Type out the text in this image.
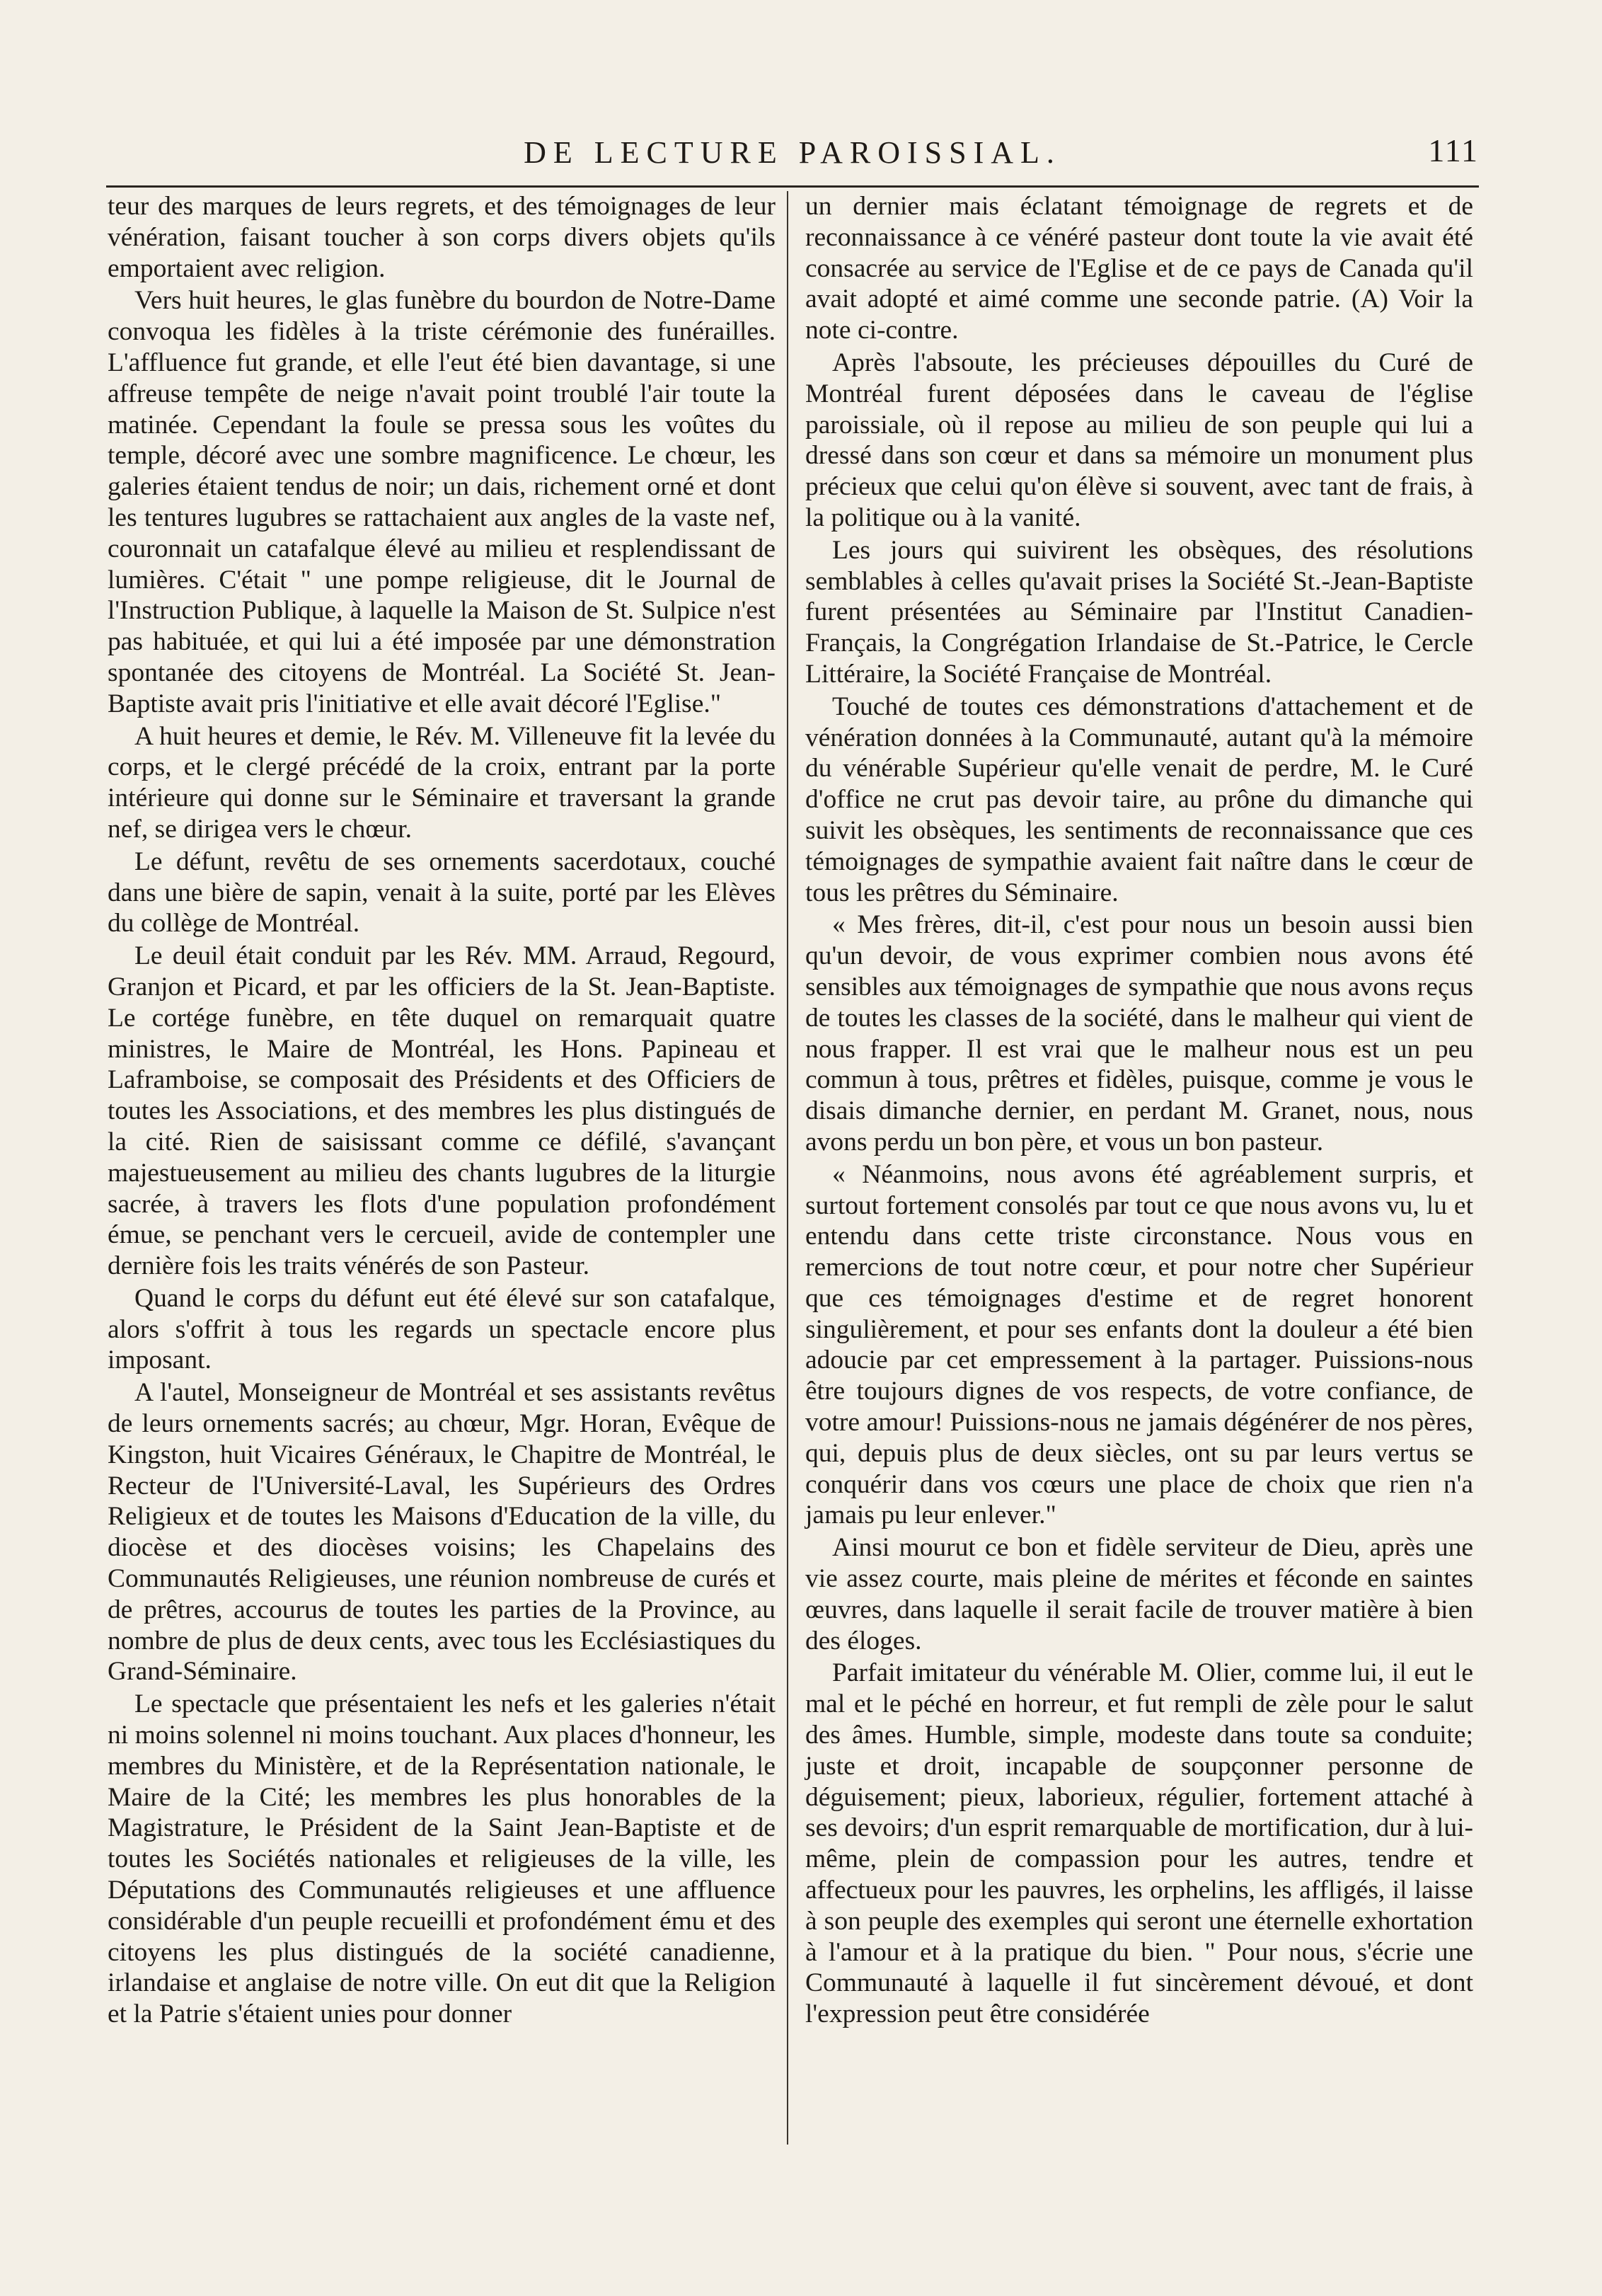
DE LECTURE PAROISSIAL.	111

teur des marques de leurs regrets, et des témoignages de leur vénération, faisant toucher à son corps divers objets qu'ils emportaient avec religion.

Vers huit heures, le glas funèbre du bourdon de Notre-Dame convoqua les fidèles à la triste cérémonie des funérailles. L'affluence fut grande, et elle l'eut été bien davantage, si une affreuse tempête de neige n'avait point troublé l'air toute la matinée. Cependant la foule se pressa sous les voûtes du temple, décoré avec une sombre magnificence. Le chœur, les galeries étaient tendus de noir; un dais, richement orné et dont les tentures lugubres se rattachaient aux angles de la vaste nef, couronnait un catafalque élevé au milieu et resplendissant de lumières. C'était " une pompe religieuse, dit le Journal de l'Instruction Publique, à laquelle la Maison de St. Sulpice n'est pas habituée, et qui lui a été imposée par une démonstration spontanée des citoyens de Montréal. La Société St. Jean-Baptiste avait pris l'initiative et elle avait décoré l'Eglise."

A huit heures et demie, le Rév. M. Villeneuve fit la levée du corps, et le clergé précédé de la croix, entrant par la porte intérieure qui donne sur le Séminaire et traversant la grande nef, se dirigea vers le chœur.

Le défunt, revêtu de ses ornements sacerdotaux, couché dans une bière de sapin, venait à la suite, porté par les Elèves du collège de Montréal.

Le deuil était conduit par les Rév. MM. Arraud, Regourd, Granjon et Picard, et par les officiers de la St. Jean-Baptiste. Le cortége funèbre, en tête duquel on remarquait quatre ministres, le Maire de Montréal, les Hons. Papineau et Laframboise, se composait des Présidents et des Officiers de toutes les Associations, et des membres les plus distingués de la cité. Rien de saisissant comme ce défilé, s'avançant majestueusement au milieu des chants lugubres de la liturgie sacrée, à travers les flots d'une population profondément émue, se penchant vers le cercueil, avide de contempler une dernière fois les traits vénérés de son Pasteur.

Quand le corps du défunt eut été élevé sur son catafalque, alors s'offrit à tous les regards un spectacle encore plus imposant.

A l'autel, Monseigneur de Montréal et ses assistants revêtus de leurs ornements sacrés; au chœur, Mgr. Horan, Evêque de Kingston, huit Vicaires Généraux, le Chapitre de Montréal, le Recteur de l'Université-Laval, les Supérieurs des Ordres Religieux et de toutes les Maisons d'Education de la ville, du diocèse et des diocèses voisins; les Chapelains des Communautés Religieuses, une réunion nombreuse de curés et de prêtres, accourus de toutes les parties de la Province, au nombre de plus de deux cents, avec tous les Ecclésiastiques du Grand-Séminaire.

Le spectacle que présentaient les nefs et les galeries n'était ni moins solennel ni moins touchant. Aux places d'honneur, les membres du Ministère, et de la Représentation nationale, le Maire de la Cité; les membres les plus honorables de la Magistrature, le Président de la Saint Jean-Baptiste et de toutes les Sociétés nationales et religieuses de la ville, les Députations des Communautés religieuses et une affluence considérable d'un peuple recueilli et profondément ému et des citoyens les plus distingués de la société canadienne, irlandaise et anglaise de notre ville. On eut dit que la Religion et la Patrie s'étaient unies pour donner

un dernier mais éclatant témoignage de regrets et de reconnaissance à ce vénéré pasteur dont toute la vie avait été consacrée au service de l'Eglise et de ce pays de Canada qu'il avait adopté et aimé comme une seconde patrie. (A) Voir la note ci-contre.

Après l'absoute, les précieuses dépouilles du Curé de Montréal furent déposées dans le caveau de l'église paroissiale, où il repose au milieu de son peuple qui lui a dressé dans son cœur et dans sa mémoire un monument plus précieux que celui qu'on élève si souvent, avec tant de frais, à la politique ou à la vanité.

Les jours qui suivirent les obsèques, des résolutions semblables à celles qu'avait prises la Société St.-Jean-Baptiste furent présentées au Séminaire par l'Institut Canadien-Français, la Congrégation Irlandaise de St.-Patrice, le Cercle Littéraire, la Société Française de Montréal.

Touché de toutes ces démonstrations d'attachement et de vénération données à la Communauté, autant qu'à la mémoire du vénérable Supérieur qu'elle venait de perdre, M. le Curé d'office ne crut pas devoir taire, au prône du dimanche qui suivit les obsèques, les sentiments de reconnaissance que ces témoignages de sympathie avaient fait naître dans le cœur de tous les prêtres du Séminaire.

« Mes frères, dit-il, c'est pour nous un besoin aussi bien qu'un devoir, de vous exprimer combien nous avons été sensibles aux témoignages de sympathie que nous avons reçus de toutes les classes de la société, dans le malheur qui vient de nous frapper. Il est vrai que le malheur nous est un peu commun à tous, prêtres et fidèles, puisque, comme je vous le disais dimanche dernier, en perdant M. Granet, nous, nous avons perdu un bon père, et vous un bon pasteur.

« Néanmoins, nous avons été agréablement surpris, et surtout fortement consolés par tout ce que nous avons vu, lu et entendu dans cette triste circonstance. Nous vous en remercions de tout notre cœur, et pour notre cher Supérieur que ces témoignages d'estime et de regret honorent singulièrement, et pour ses enfants dont la douleur a été bien adoucie par cet empressement à la partager. Puissions-nous être toujours dignes de vos respects, de votre confiance, de votre amour! Puissions-nous ne jamais dégénérer de nos pères, qui, depuis plus de deux siècles, ont su par leurs vertus se conquérir dans vos cœurs une place de choix que rien n'a jamais pu leur enlever."

Ainsi mourut ce bon et fidèle serviteur de Dieu, après une vie assez courte, mais pleine de mérites et féconde en saintes œuvres, dans laquelle il serait facile de trouver matière à bien des éloges.

Parfait imitateur du vénérable M. Olier, comme lui, il eut le mal et le péché en horreur, et fut rempli de zèle pour le salut des âmes. Humble, simple, modeste dans toute sa conduite; juste et droit, incapable de soupçonner personne de déguisement; pieux, laborieux, régulier, fortement attaché à ses devoirs; d'un esprit remarquable de mortification, dur à lui-même, plein de compassion pour les autres, tendre et affectueux pour les pauvres, les orphelins, les affligés, il laisse à son peuple des exemples qui seront une éternelle exhortation à l'amour et à la pratique du bien. " Pour nous, s'écrie une Communauté à laquelle il fut sincèrement dévoué, et dont l'expression peut être considérée
